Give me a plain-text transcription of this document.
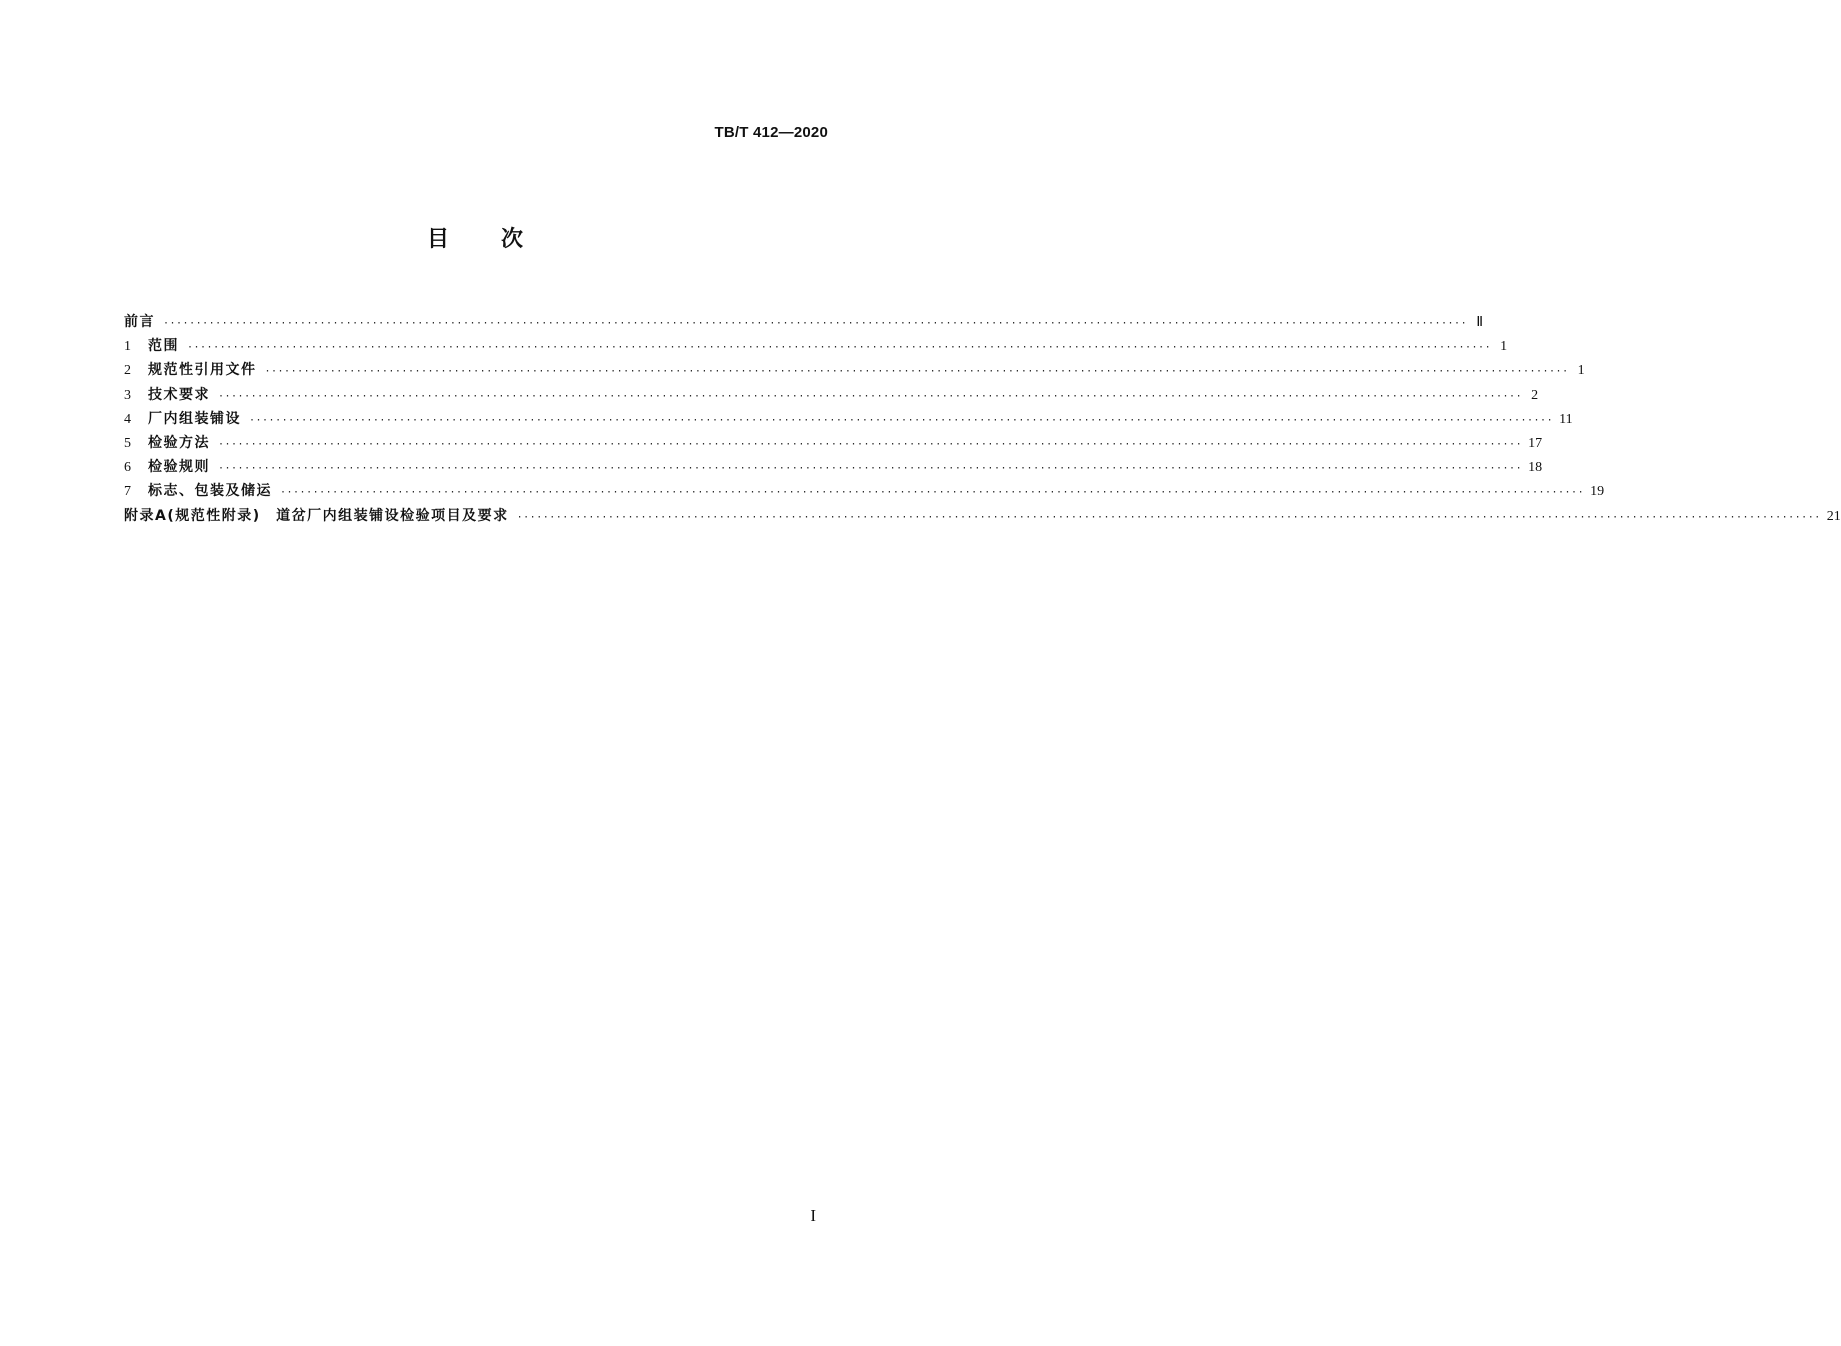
TB/T 412—2020
目 次
前言 ········································································································································································································ Ⅱ
1	范围 ········································································································································································································ 1
2	规范性引用文件 ········································································································································································································ 1
3	技术要求 ········································································································································································································ 2
4	厂内组装铺设 ········································································································································································································ 11
5	检验方法 ········································································································································································································ 17
6	检验规则 ········································································································································································································ 18
7	标志、包装及储运 ········································································································································································································ 19
附录A(规范性附录)　道岔厂内组装铺设检验项目及要求 ········································································································································································································ 21
I
